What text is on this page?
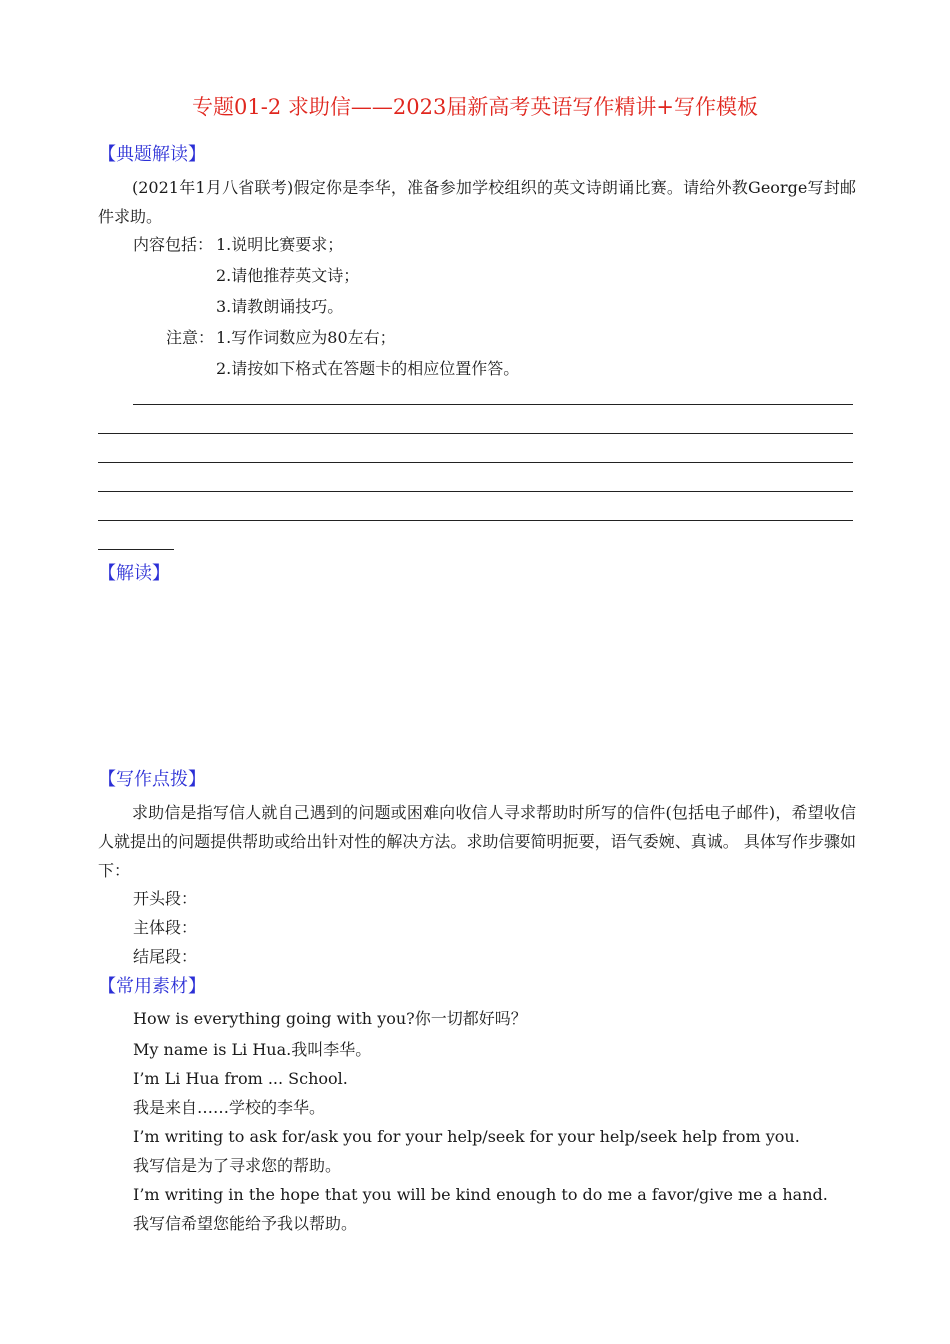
专题01-2 求助信——2023届新高考英语写作精讲+写作模板
【典题解读】
(2021年1月八省联考)假定你是李华，准备参加学校组织的英文诗朗诵比赛。请给外教George写封邮件求助。
内容包括： 1.说明比赛要求；
2.请他推荐英文诗；
3.请教朗诵技巧。
注意： 1.写作词数应为80左右；
2.请按如下格式在答题卡的相应位置作答。
【解读】
【写作点拨】
求助信是指写信人就自己遇到的问题或困难向收信人寻求帮助时所写的信件(包括电子邮件)，希望收信人就提出的问题提供帮助或给出针对性的解决方法。求助信要简明扼要，语气委婉、真诚。 具体写作步骤如下：
开头段：
主体段：
结尾段：
【常用素材】
How is everything going with you?你一切都好吗？
My name is Li Hua.我叫李华。
I’m Li Hua from ... School.
我是来自……学校的李华。
I’m writing to ask for/ask you for your help/seek for your help/seek help from you.
我写信是为了寻求您的帮助。
I’m writing in the hope that you will be kind enough to do me a favor/give me a hand.
我写信希望您能给予我以帮助。
